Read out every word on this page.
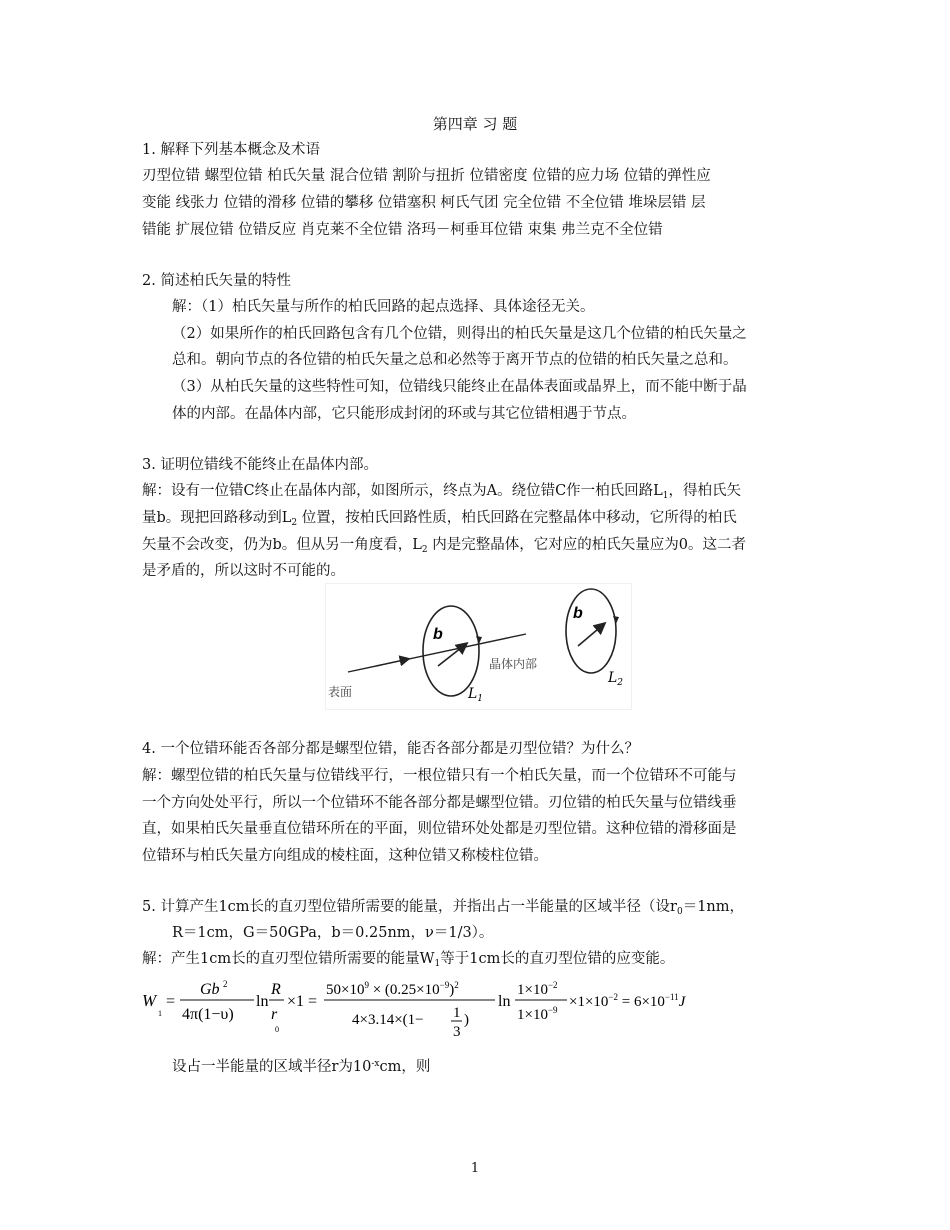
第四章 习 题
1. 解释下列基本概念及术语
刃型位错 螺型位错 柏氏矢量 混合位错 割阶与扭折 位错密度 位错的应力场 位错的弹性应
变能 线张力 位错的滑移 位错的攀移 位错塞积 柯氏气团 完全位错 不全位错 堆垛层错 层
错能 扩展位错 位错反应 肖克莱不全位错 洛玛－柯垂耳位错 束集 弗兰克不全位错
2. 简述柏氏矢量的特性
解：（1）柏氏矢量与所作的柏氏回路的起点选择、具体途径无关。
（2）如果所作的柏氏回路包含有几个位错，则得出的柏氏矢量是这几个位错的柏氏矢量之
总和。朝向节点的各位错的柏氏矢量之总和必然等于离开节点的位错的柏氏矢量之总和。
（3）从柏氏矢量的这些特性可知，位错线只能终止在晶体表面或晶界上，而不能中断于晶
体的内部。在晶体内部，它只能形成封闭的环或与其它位错相遇于节点。
3. 证明位错线不能终止在晶体内部。
解：设有一位错C终止在晶体内部，如图所示，终点为A。绕位错C作一柏氏回路$L_1$，得柏氏矢
量b。现把回路移动到$L_2$ 位置，按柏氏回路性质，柏氏回路在完整晶体中移动，它所得的柏氏
矢量不会改变，仍为b。但从另一角度看，$L_2$ 内是完整晶体，它对应的柏氏矢量应为0。这二者
是矛盾的，所以这时不可能的。
b
b
表面
晶体内部
$L_1$
$L_2$
4. 一个位错环能否各部分都是螺型位错，能否各部分都是刃型位错？为什么？
解：螺型位错的柏氏矢量与位错线平行，一根位错只有一个柏氏矢量，而一个位错环不可能与
一个方向处处平行，所以一个位错环不能各部分都是螺型位错。刃位错的柏氏矢量与位错线垂
直，如果柏氏矢量垂直位错环所在的平面，则位错环处处都是刃型位错。这种位错的滑移面是
位错环与柏氏矢量方向组成的棱柱面，这种位错又称棱柱位错。
5. 计算产生1cm长的直刃型位错所需要的能量，并指出占一半能量的区域半径（设$r_0=1nm$，
R＝1cm，G＝50GPa，b＝0.25nm，ν＝1/3）。
解：产生1cm长的直刃型位错所需要的能量$W_1$等于1cm长的直刃型位错的应变能。
W
1
=
Gb 2
4π(1−υ)
ln
R
r
0
×1 =
$50\times 10^9 \times (0.25\times 10^{-9})^2$
4×3.14×(1− 1
3
)
ln
$1\times 10^{-2}$
$1\times 10^{-9} \times 1\times 10^{-2} = 6\times 10^{-11}J$
设占一半能量的区域半径r为$10^{-x}cm$，则
1
